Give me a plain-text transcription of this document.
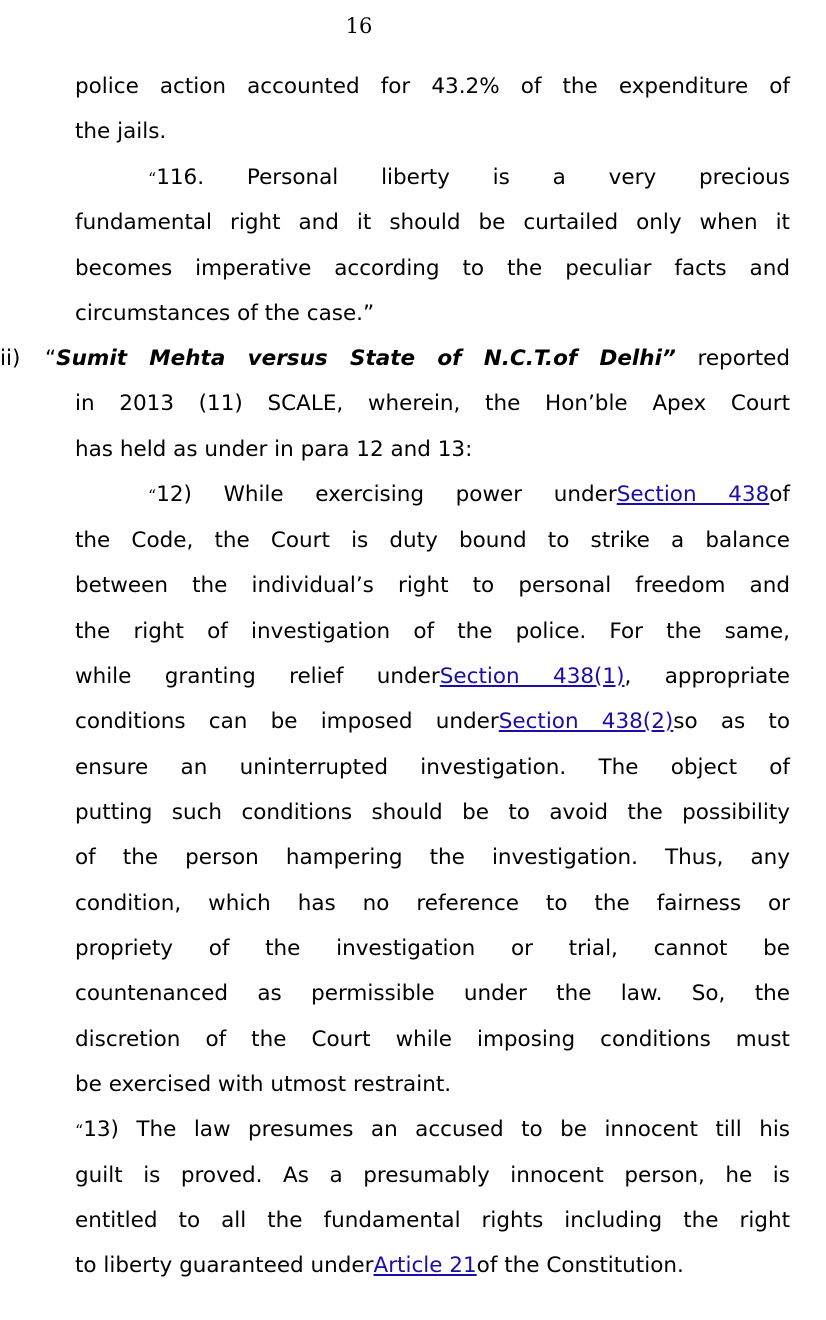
16
police action accounted for 43.2% of the expenditure of
the jails.
“116. Personal liberty is a very precious
fundamental right and it should be curtailed only when it
becomes imperative according to the peculiar facts and
circumstances of the case.”
ii) “Sumit Mehta versus State of N.C.T.of Delhi” reported
in 2013 (11) SCALE, wherein, the Hon’ble Apex Court
has held as under in para 12 and 13:
“12) While exercising power underSection 438of
the Code, the Court is duty bound to strike a balance
between the individual’s right to personal freedom and
the right of investigation of the police. For the same,
while granting relief underSection 438(1), appropriate
conditions can be imposed underSection 438(2)so as to
ensure an uninterrupted investigation. The object of
putting such conditions should be to avoid the possibility
of the person hampering the investigation. Thus, any
condition, which has no reference to the fairness or
propriety of the investigation or trial, cannot be
countenanced as permissible under the law. So, the
discretion of the Court while imposing conditions must
be exercised with utmost restraint.
“13) The law presumes an accused to be innocent till his
guilt is proved. As a presumably innocent person, he is
entitled to all the fundamental rights including the right
to liberty guaranteed underArticle 21of the Constitution.
